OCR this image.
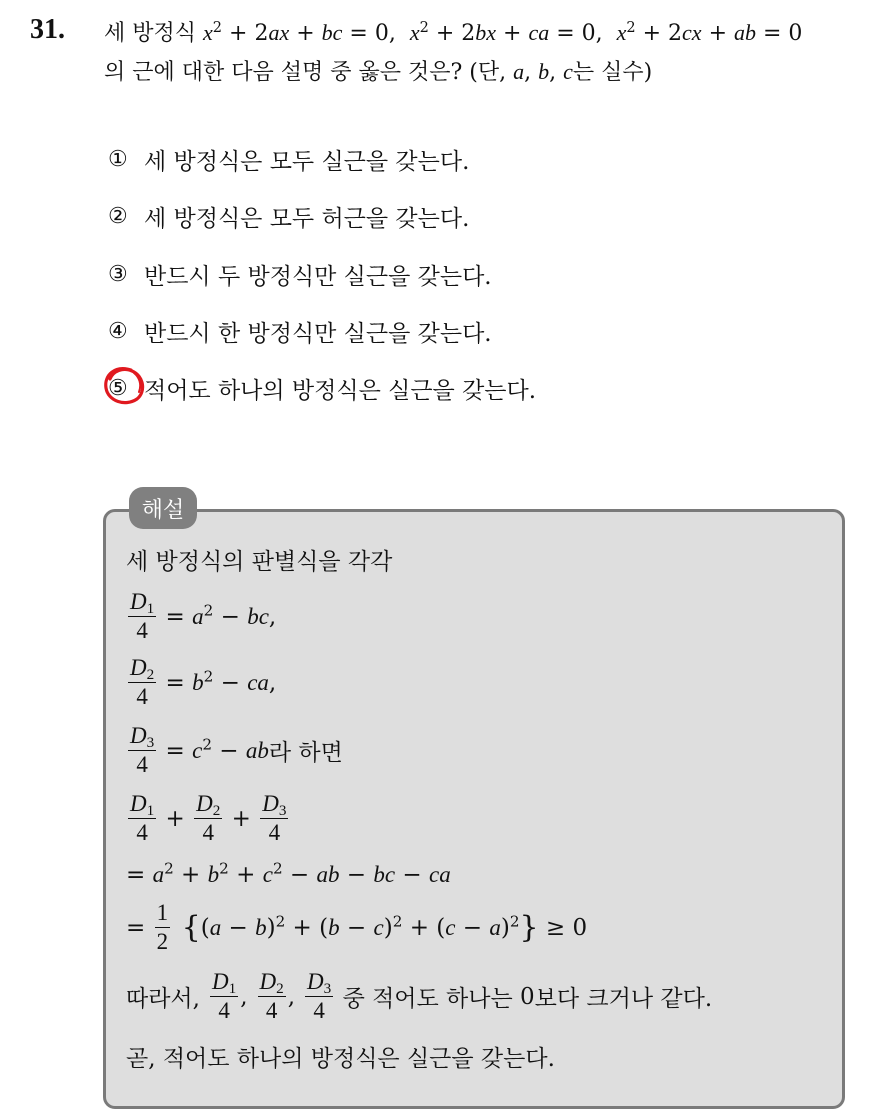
31. 세 방정식 $x^2 + 2ax$ + bc = 0,  $x^2 + 2bx$ + ca = 0,  $x^2 + 2cx$ + ab = 0
의 근에 대한 다음 설명 중 옳은 것은? (단, a, b, c는 실수)
① 세 방정식은 모두 실근을 갖는다.
② 세 방정식은 모두 허근을 갖는다.
③ 반드시 두 방정식만 실근을 갖는다.
④ 반드시 한 방정식만 실근을 갖는다.
⑤ 적어도 하나의 방정식은 실근을 갖는다.
해설
세 방정식의 판별식을 각각
$\frac{D_1}{4} = a^2$ − bc,
$\frac{D_2}{4} = b^2$ − ca,
$\frac{D_3}{4} = c^2$ − ab 라 하면
$\frac{D_1}{4} + \frac{D_2}{4} + \frac{D_3}{4}$
= $a^2 + b^2 + c^2$ − ab − bc − ca
= $\frac{1}{2}$ { $(a - b)^2 + (b - c)^2 + (c - a)^2$ } ≥ 0
따라서, $\frac{D_1}{4}$ , $\frac{D_2}{4}$ , $\frac{D_3}{4}$
중 적어도 하나는
0 보다 크거나 같다.
곧, 적어도 하나의 방정식은 실근을 갖는다.
